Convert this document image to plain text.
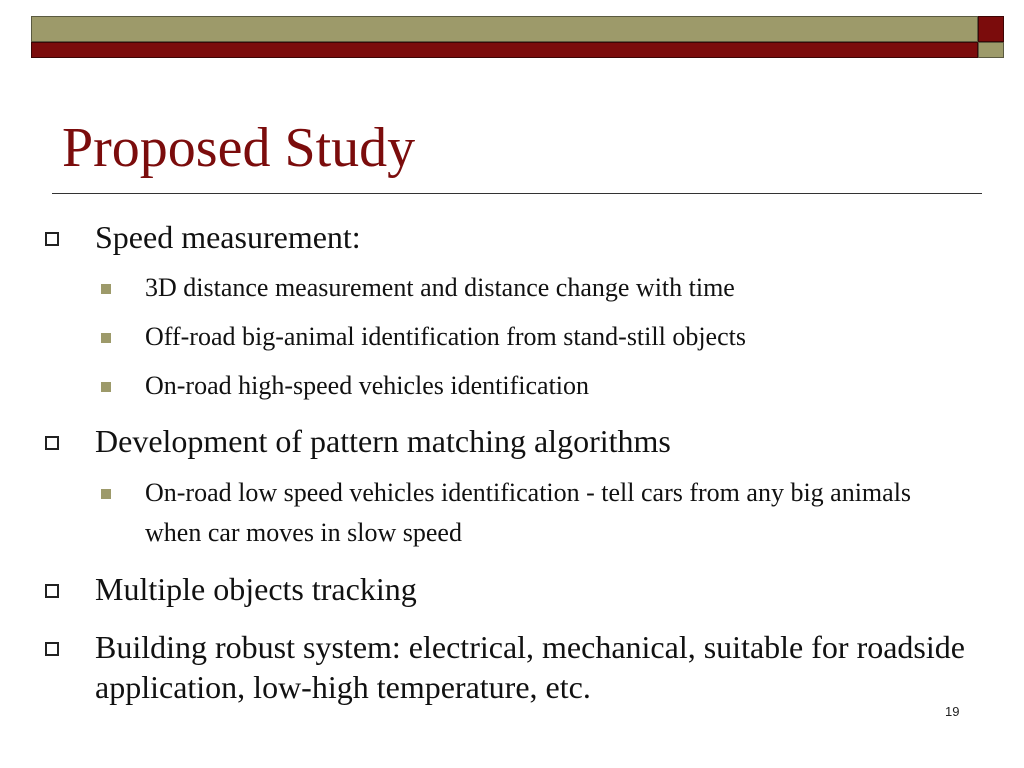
Proposed Study
Speed measurement:
3D distance measurement and distance change with time
Off-road big-animal identification from stand-still objects
On-road high-speed vehicles identification
Development of pattern matching algorithms
On-road low speed vehicles identification - tell cars from any big animals when car moves in slow speed
Multiple objects tracking
Building robust system: electrical, mechanical, suitable for roadside application, low-high temperature, etc.
19
